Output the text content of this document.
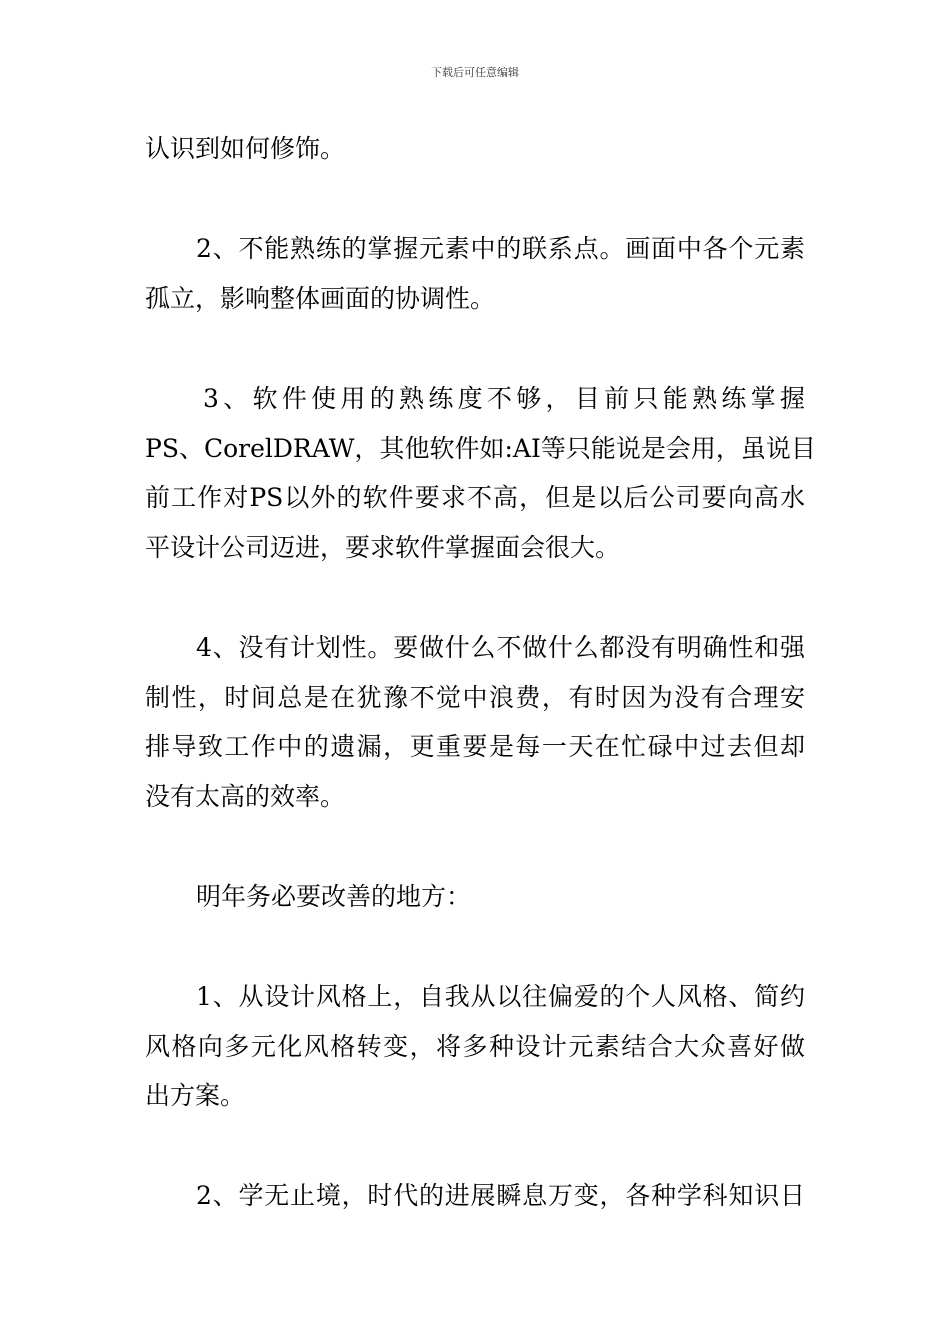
下载后可任意编辑

认识到如何修饰。

2、不能熟练的掌握元素中的联系点。画面中各个元素

孤立，影响整体画面的协调性。

3、软件使用的熟练度不够，目前只能熟练掌握

PS、CorelDRAW，其他软件如:AI等只能说是会用，虽说目

前工作对PS以外的软件要求不高，但是以后公司要向高水

平设计公司迈进，要求软件掌握面会很大。

4、没有计划性。要做什么不做什么都没有明确性和强

制性，时间总是在犹豫不觉中浪费，有时因为没有合理安

排导致工作中的遗漏，更重要是每一天在忙碌中过去但却

没有太高的效率。

明年务必要改善的地方：

1、从设计风格上，自我从以往偏爱的个人风格、简约

风格向多元化风格转变，将多种设计元素结合大众喜好做

出方案。

2、学无止境，时代的进展瞬息万变，各种学科知识日
